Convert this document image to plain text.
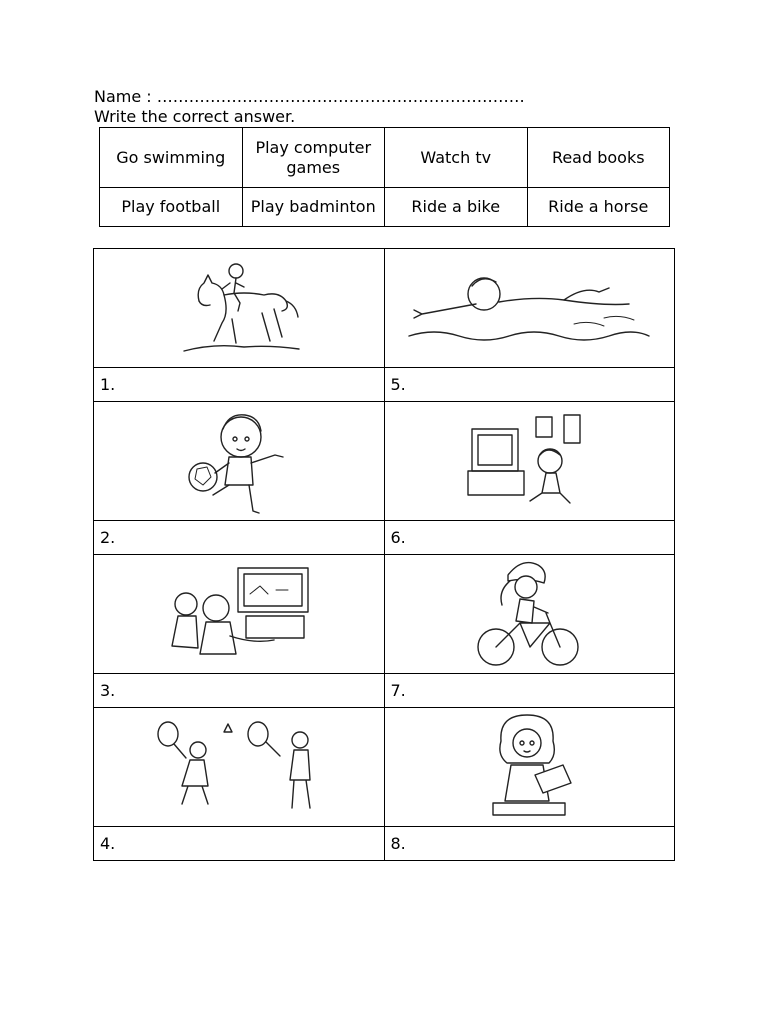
Name : ……………………………………………………………
Write the correct answer.
Go swimming	Play computer games	Watch tv	Read books
Play football	Play badminton	Ride a bike	Ride a horse

1.	5.

2.	6.

3.	7.

4.	8.
